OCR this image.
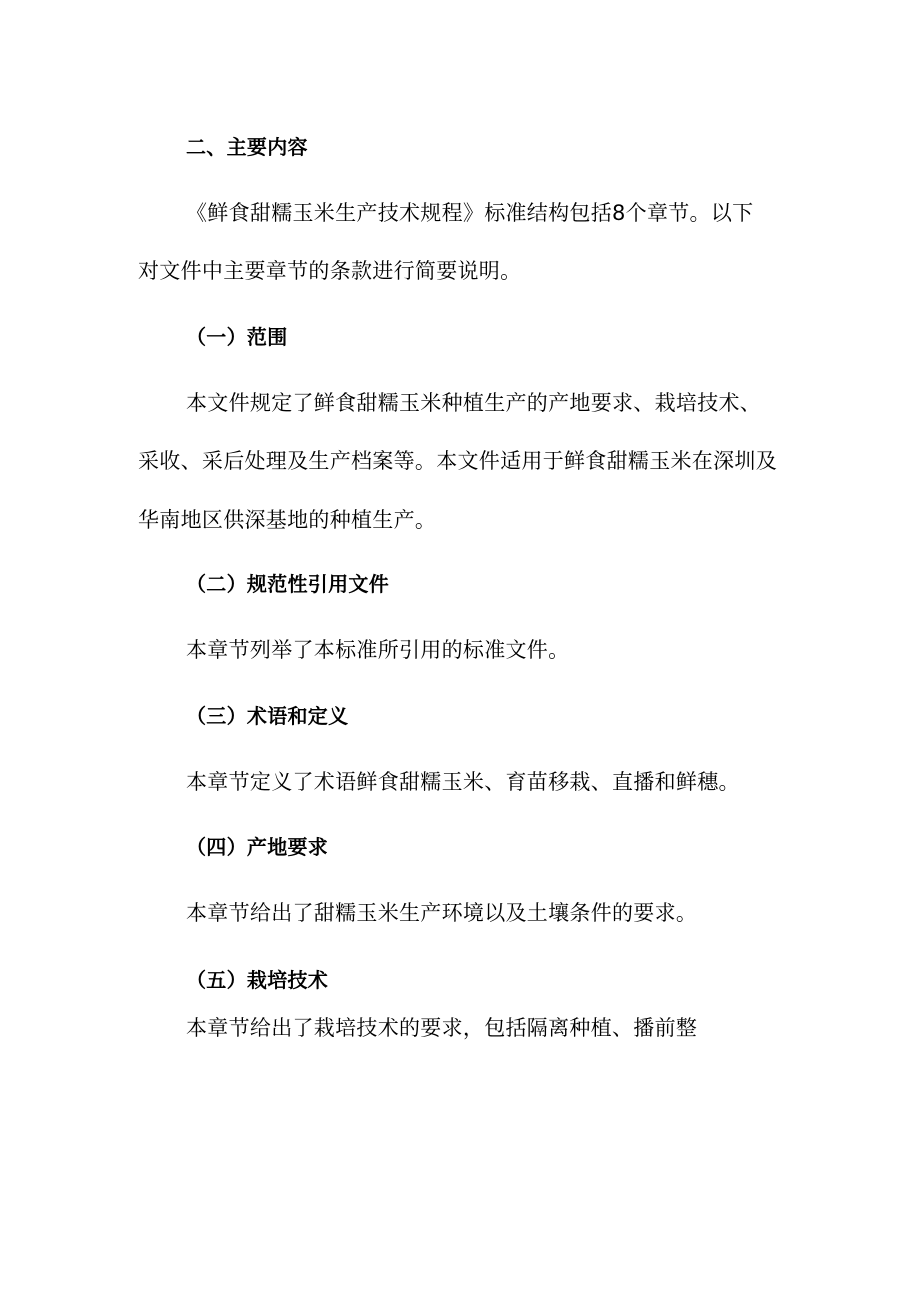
二、主要内容
《鲜食甜糯玉米生产技术规程》标准结构包括8个章节。以下
对文件中主要章节的条款进行简要说明。
（一）范围
本文件规定了鲜食甜糯玉米种植生产的产地要求、栽培技术、
采收、采后处理及生产档案等。本文件适用于鲜食甜糯玉米在深圳及
华南地区供深基地的种植生产。
（二）规范性引用文件
本章节列举了本标准所引用的标准文件。
（三）术语和定义
本章节定义了术语鲜食甜糯玉米、育苗移栽、直播和鲜穗。
（四）产地要求
本章节给出了甜糯玉米生产环境以及土壤条件的要求。
（五）栽培技术
本章节给出了栽培技术的要求，包括隔离种植、播前整
